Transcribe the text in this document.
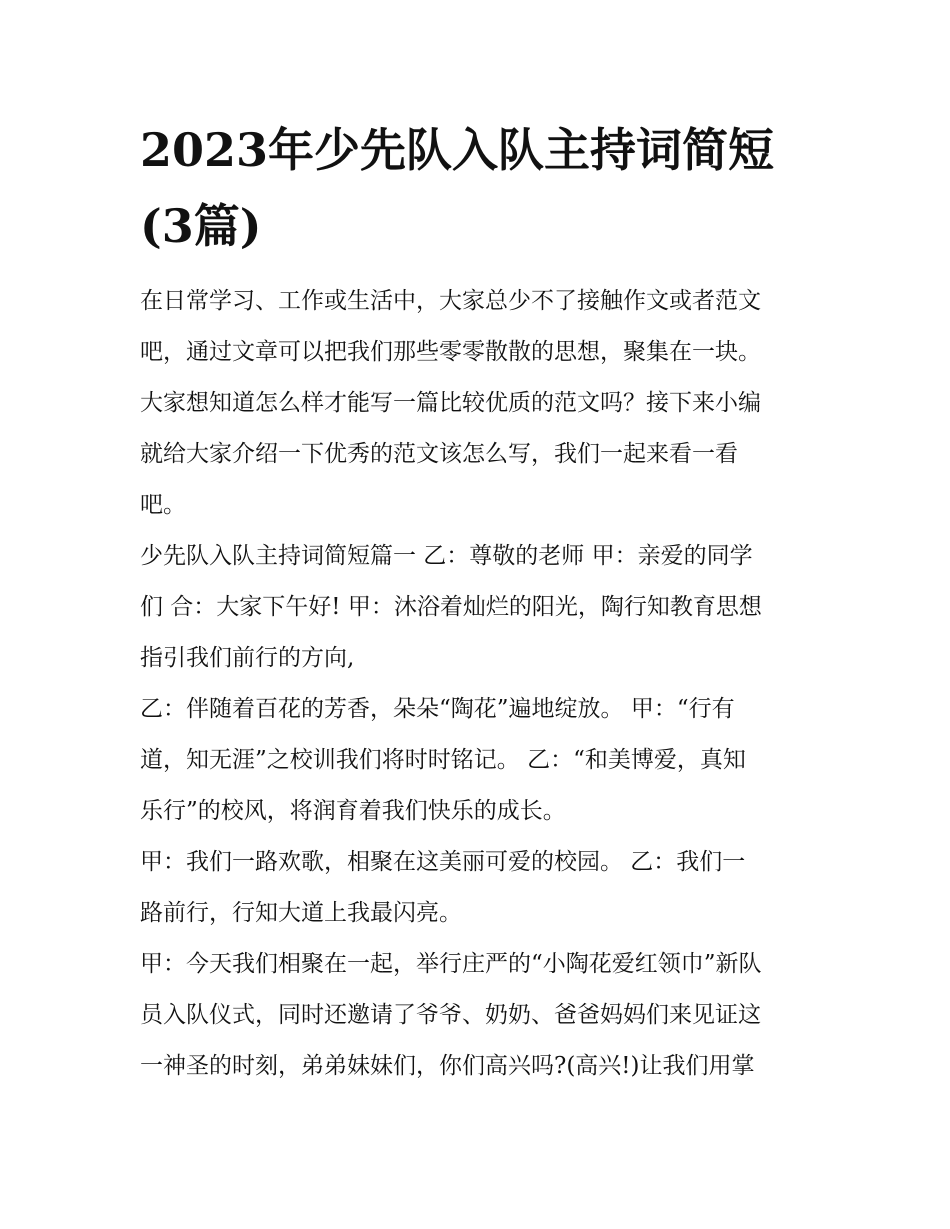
2023年少先队入队主持词简短
(3篇)

在日常学习、工作或生活中，大家总少不了接触作文或者范文
吧，通过文章可以把我们那些零零散散的思想，聚集在一块。
大家想知道怎么样才能写一篇比较优质的范文吗？接下来小编
就给大家介绍一下优秀的范文该怎么写，我们一起来看一看
吧。

少先队入队主持词简短篇一 乙：尊敬的老师 甲：亲爱的同学
们 合：大家下午好! 甲：沐浴着灿烂的阳光，陶行知教育思想
指引我们前行的方向,

乙：伴随着百花的芳香，朵朵“陶花”遍地绽放。 甲：“行有
道，知无涯”之校训我们将时时铭记。 乙：“和美博爱，真知
乐行”的校风，将润育着我们快乐的成长。

甲：我们一路欢歌，相聚在这美丽可爱的校园。 乙：我们一
路前行，行知大道上我最闪亮。

甲：今天我们相聚在一起，举行庄严的“小陶花爱红领巾”新队
员入队仪式，同时还邀请了爷爷、奶奶、爸爸妈妈们来见证这
一神圣的时刻，弟弟妹妹们，你们高兴吗?(高兴!)让我们用掌
